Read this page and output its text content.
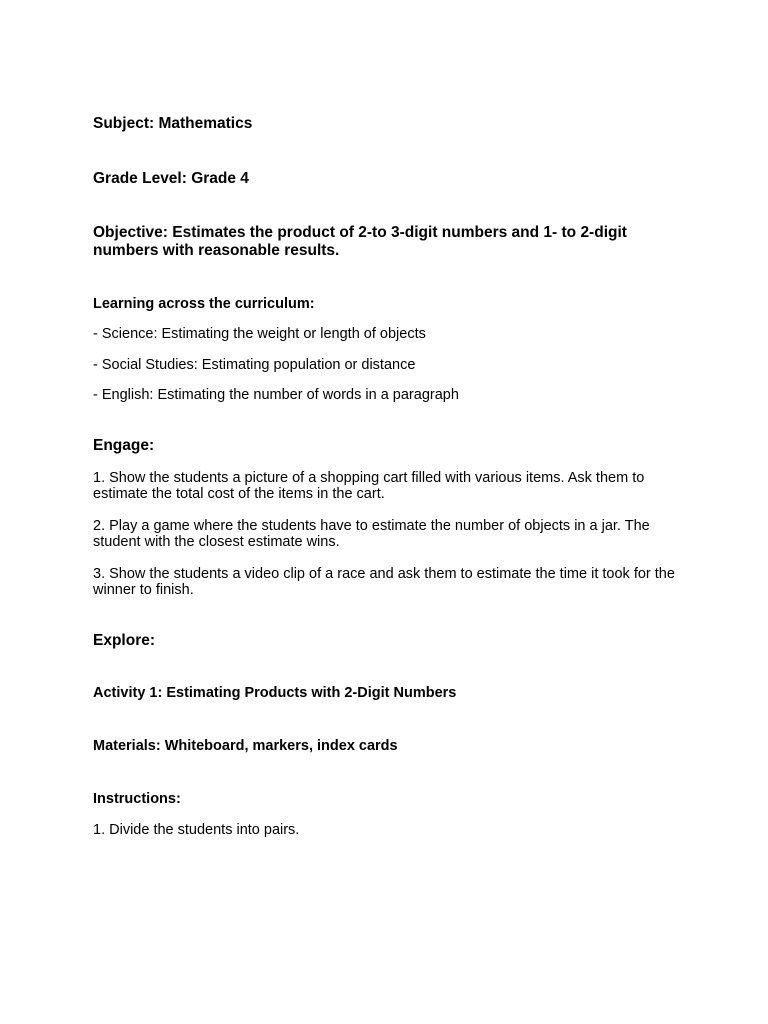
Subject: Mathematics

Grade Level: Grade 4

Objective: Estimates the product of 2-to 3-digit numbers and 1- to 2-digit numbers with reasonable results.

Learning across the curriculum:

- Science: Estimating the weight or length of objects

- Social Studies: Estimating population or distance

- English: Estimating the number of words in a paragraph

Engage:

1. Show the students a picture of a shopping cart filled with various items. Ask them to estimate the total cost of the items in the cart.

2. Play a game where the students have to estimate the number of objects in a jar. The student with the closest estimate wins.

3. Show the students a video clip of a race and ask them to estimate the time it took for the winner to finish.

Explore:

Activity 1: Estimating Products with 2-Digit Numbers

Materials: Whiteboard, markers, index cards

Instructions:

1. Divide the students into pairs.
